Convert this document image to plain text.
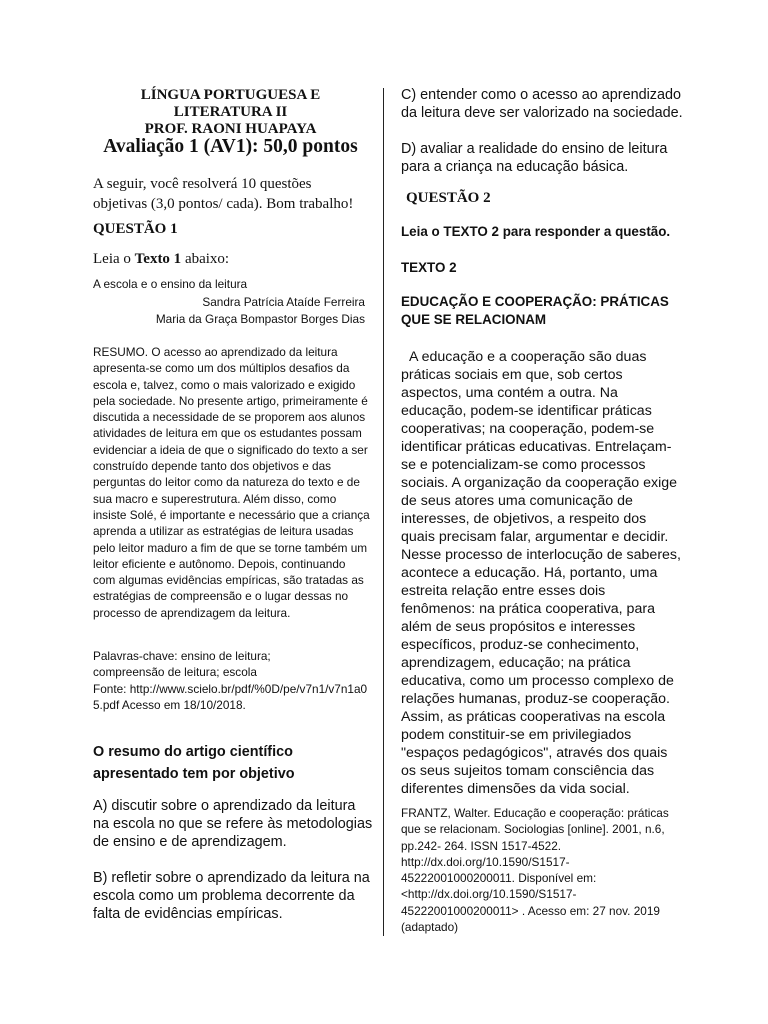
LÍNGUA PORTUGUESA E
LITERATURA II
PROF. RAONI HUAPAYA
Avaliação 1 (AV1): 50,0 pontos

A seguir, você resolverá 10 questões objetivas (3,0 pontos/ cada). Bom trabalho!

QUESTÃO 1

Leia o Texto 1 abaixo:

A escola e o ensino da leitura

Sandra Patrícia Ataíde Ferreira

Maria da Graça Bompastor Borges Dias

RESUMO. O acesso ao aprendizado da leitura apresenta-se como um dos múltiplos desafios da escola e, talvez, como o mais valorizado e exigido pela sociedade. No presente artigo, primeiramente é discutida a necessidade de se proporem aos alunos atividades de leitura em que os estudantes possam evidenciar a ideia de que o significado do texto a ser construído depende tanto dos objetivos e das perguntas do leitor como da natureza do texto e de sua macro e superestrutura. Além disso, como insiste Solé, é importante e necessário que a criança aprenda a utilizar as estratégias de leitura usadas pelo leitor maduro a fim de que se torne também um leitor eficiente e autônomo. Depois, continuando com algumas evidências empíricas, são tratadas as estratégias de compreensão e o lugar dessas no processo de aprendizagem da leitura.

Palavras-chave: ensino de leitura; compreensão de leitura; escola

Fonte: http://www.scielo.br/pdf/%0D/pe/v7n1/v7n1a05.pdf Acesso em 18/10/2018.

O resumo do artigo científico apresentado tem por objetivo

A) discutir sobre o aprendizado da leitura na escola no que se refere às metodologias de ensino e de aprendizagem.

B) refletir sobre o aprendizado da leitura na escola como um problema decorrente da falta de evidências empíricas.

C) entender como o acesso ao aprendizado da leitura deve ser valorizado na sociedade.

D) avaliar a realidade do ensino de leitura para a criança na educação básica.

QUESTÃO 2

Leia o TEXTO 2 para responder a questão.

TEXTO 2

EDUCAÇÃO E COOPERAÇÃO: PRÁTICAS QUE SE RELACIONAM

A educação e a cooperação são duas práticas sociais em que, sob certos aspectos, uma contém a outra. Na educação, podem-se identificar práticas cooperativas; na cooperação, podem-se identificar práticas educativas. Entrelaçam-se e potencializam-se como processos sociais. A organização da cooperação exige de seus atores uma comunicação de interesses, de objetivos, a respeito dos quais precisam falar, argumentar e decidir. Nesse processo de interlocução de saberes, acontece a educação. Há, portanto, uma estreita relação entre esses dois fenômenos: na prática cooperativa, para além de seus propósitos e interesses específicos, produz-se conhecimento, aprendizagem, educação; na prática educativa, como um processo complexo de relações humanas, produz-se cooperação. Assim, as práticas cooperativas na escola podem constituir-se em privilegiados "espaços pedagógicos", através dos quais os seus sujeitos tomam consciência das diferentes dimensões da vida social.

FRANTZ, Walter. Educação e cooperação: práticas que se relacionam. Sociologias [online]. 2001, n.6, pp.242- 264. ISSN 1517-4522. http://dx.doi.org/10.1590/S1517-45222001000200011. Disponível em:<http://dx.doi.org/10.1590/S1517-45222001000200011> . Acesso em: 27 nov. 2019 (adaptado)
